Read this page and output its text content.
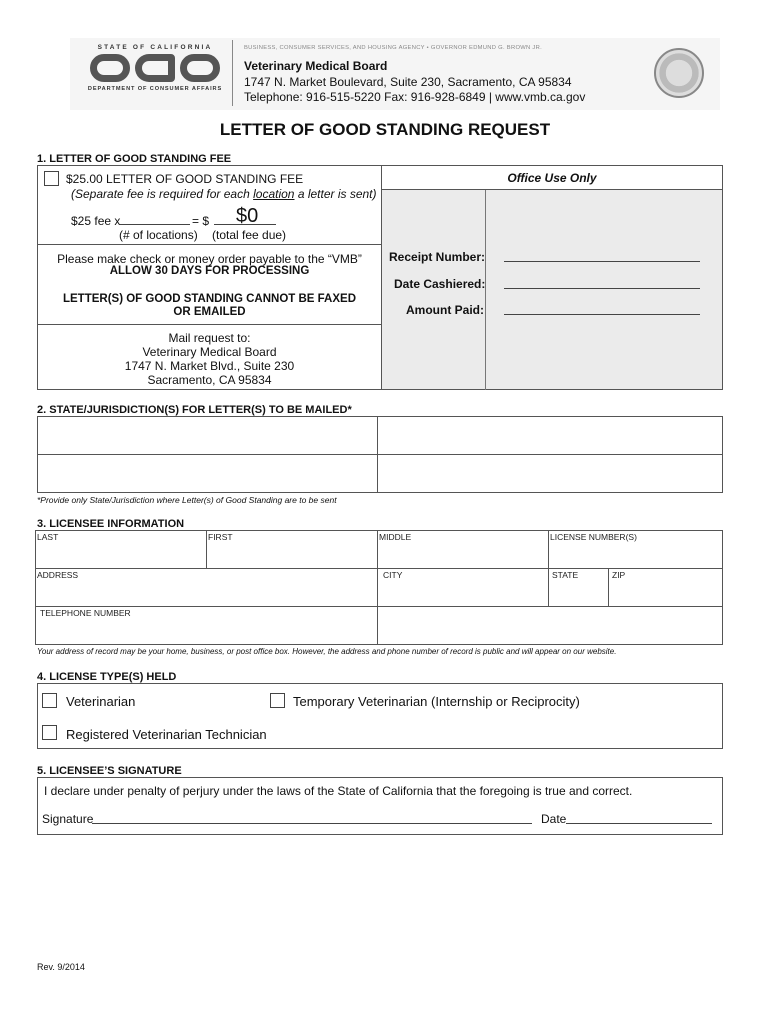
STATE OF CALIFORNIA
DEPARTMENT OF CONSUMER AFFAIRS
BUSINESS, CONSUMER SERVICES, AND HOUSING AGENCY • GOVERNOR EDMUND G. BROWN JR.
Veterinary Medical Board
1747 N. Market Boulevard, Suite 230, Sacramento, CA 95834
Telephone: 916-515-5220 Fax: 916-928-6849 | www.vmb.ca.gov
LETTER OF GOOD STANDING REQUEST
1. LETTER OF GOOD STANDING FEE
$25.00 LETTER OF GOOD STANDING FEE
(Separate fee is required for each location a letter is sent)
$25 fee x	= $ $0
(# of locations) (total fee due)
Please make check or money order payable to the “VMB”
ALLOW 30 DAYS FOR PROCESSING
LETTER(S) OF GOOD STANDING CANNOT BE FAXED
OR EMAILED
Mail request to:
Veterinary Medical Board
1747 N. Market Blvd., Suite 230
Sacramento, CA 95834
Office Use Only
Receipt Number:
Date Cashiered:
Amount Paid:
2. STATE/JURISDICTION(S) FOR LETTER(S) TO BE MAILED*
*Provide only State/Jurisdiction where Letter(s) of Good Standing are to be sent
3. LICENSEE INFORMATION
LAST	FIRST	MIDDLE	LICENSE NUMBER(S)
ADDRESS	CITY	STATE	ZIP
TELEPHONE NUMBER
Your address of record may be your home, business, or post office box. However, the address and phone number of record is public and will appear on our website.
4. LICENSE TYPE(S) HELD
Veterinarian	Temporary Veterinarian (Internship or Reciprocity)
Registered Veterinarian Technician
5. LICENSEE’S SIGNATURE
I declare under penalty of perjury under the laws of the State of California that the foregoing is true and correct.
Signature	Date
Rev. 9/2014
